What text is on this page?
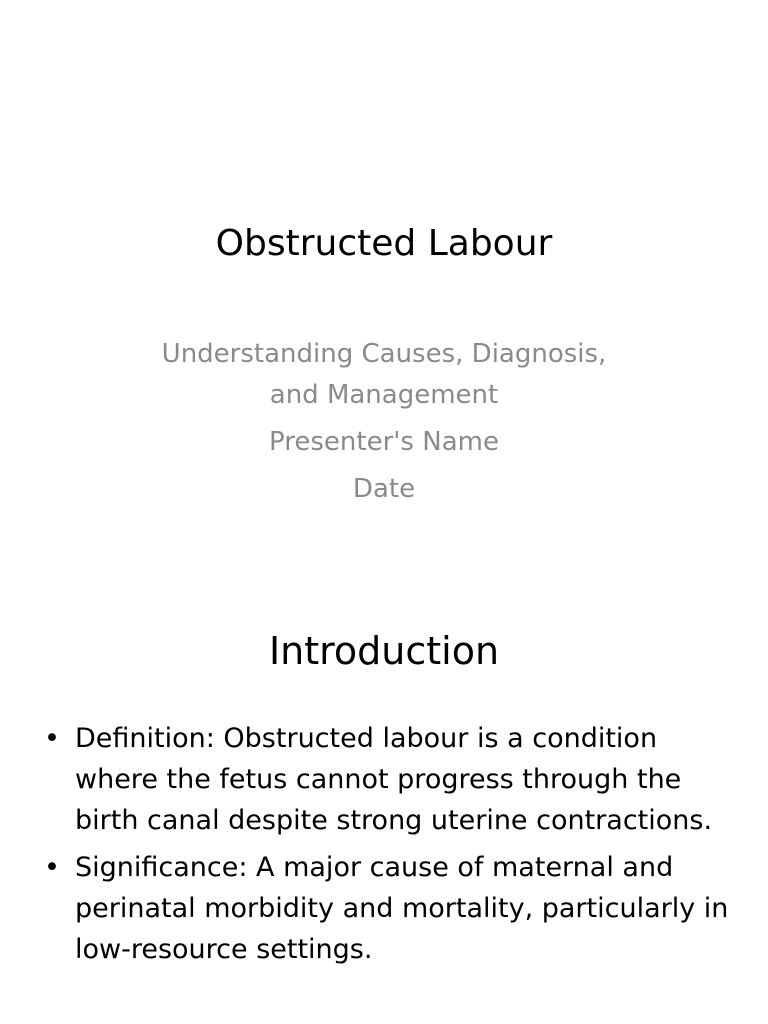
Obstructed Labour
Understanding Causes, Diagnosis, and Management
Presenter's Name
Date
Introduction
• Definition: Obstructed labour is a condition where the fetus cannot progress through the birth canal despite strong uterine contractions.
• Significance: A major cause of maternal and perinatal morbidity and mortality, particularly in low-resource settings.
